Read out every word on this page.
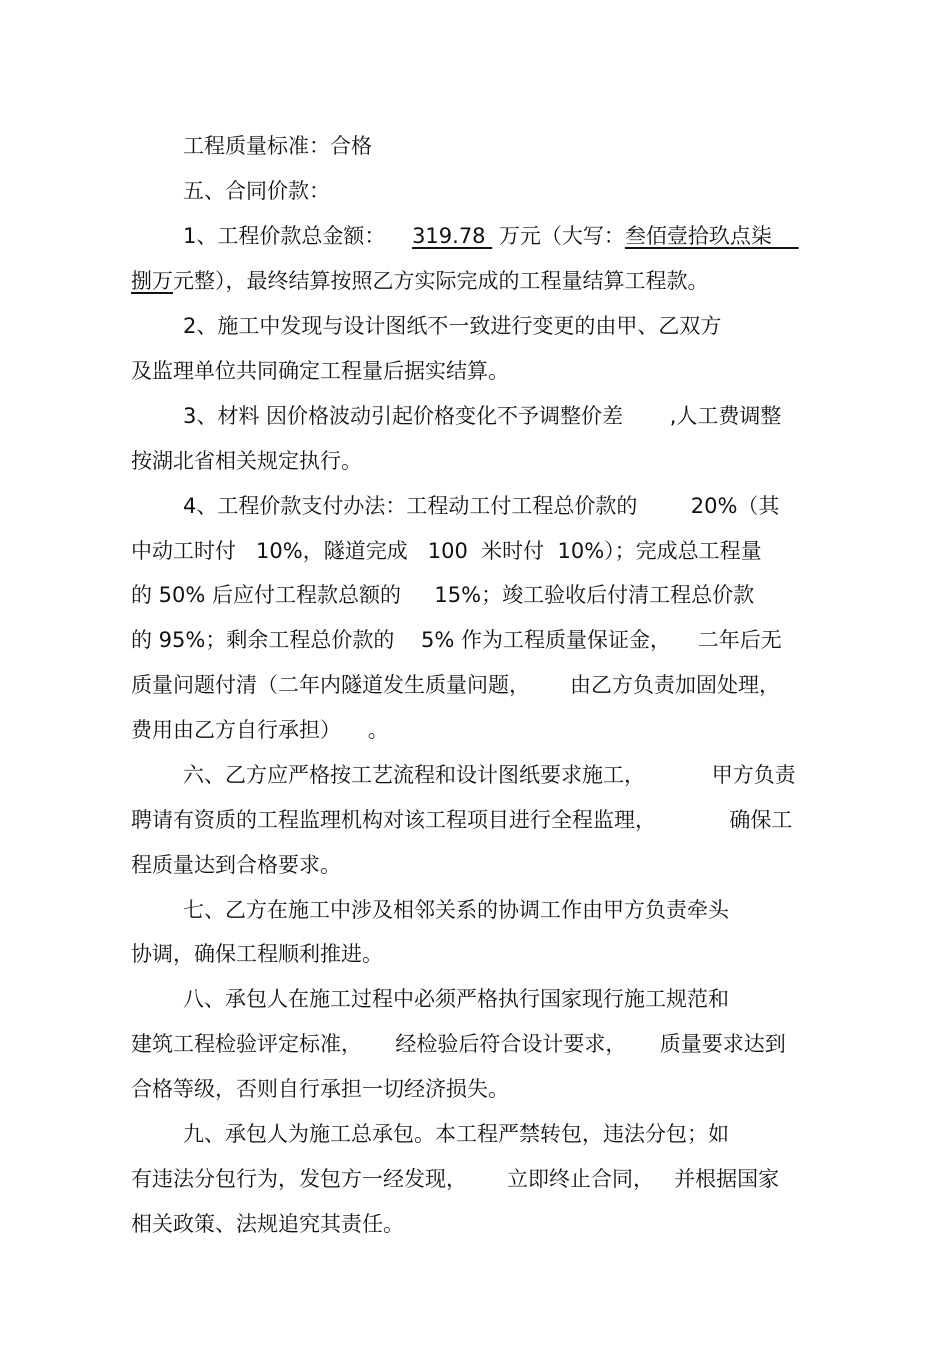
工程质量标准：合格
五、合同价款：
1、工程价款总金额：    319.78  万元（大写：叁佰壹拾玖点柒
捌万元整），最终结算按照乙方实际完成的工程量结算工程款。
2、施工中发现与设计图纸不一致进行变更的由甲、乙双方
及监理单位共同确定工程量后据实结算。
3、材料 因价格波动引起价格变化不予调整价差       ,人工费调整
按湖北省相关规定执行。
4、工程价款支付办法：工程动工付工程总价款的        20%（其
中动工时付   10%，隧道完成   100  米时付  10%）；完成总工程量
的 50% 后应付工程款总额的     15%；竣工验收后付清工程总价款
的 95%；剩余工程总价款的    5% 作为工程质量保证金，    二年后无
质量问题付清（二年内隧道发生质量问题，      由乙方负责加固处理，
费用由乙方自行承担）    。
六、乙方应严格按工艺流程和设计图纸要求施工，          甲方负责
聘请有资质的工程监理机构对该工程项目进行全程监理，           确保工
程质量达到合格要求。
七、乙方在施工中涉及相邻关系的协调工作由甲方负责牵头
协调，确保工程顺利推进。
八、承包人在施工过程中必须严格执行国家现行施工规范和
建筑工程检验评定标准，     经检验后符合设计要求，     质量要求达到
合格等级，否则自行承担一切经济损失。
九、承包人为施工总承包。本工程严禁转包，违法分包；如
有违法分包行为，发包方一经发现，      立即终止合同，   并根据国家
相关政策、法规追究其责任。
